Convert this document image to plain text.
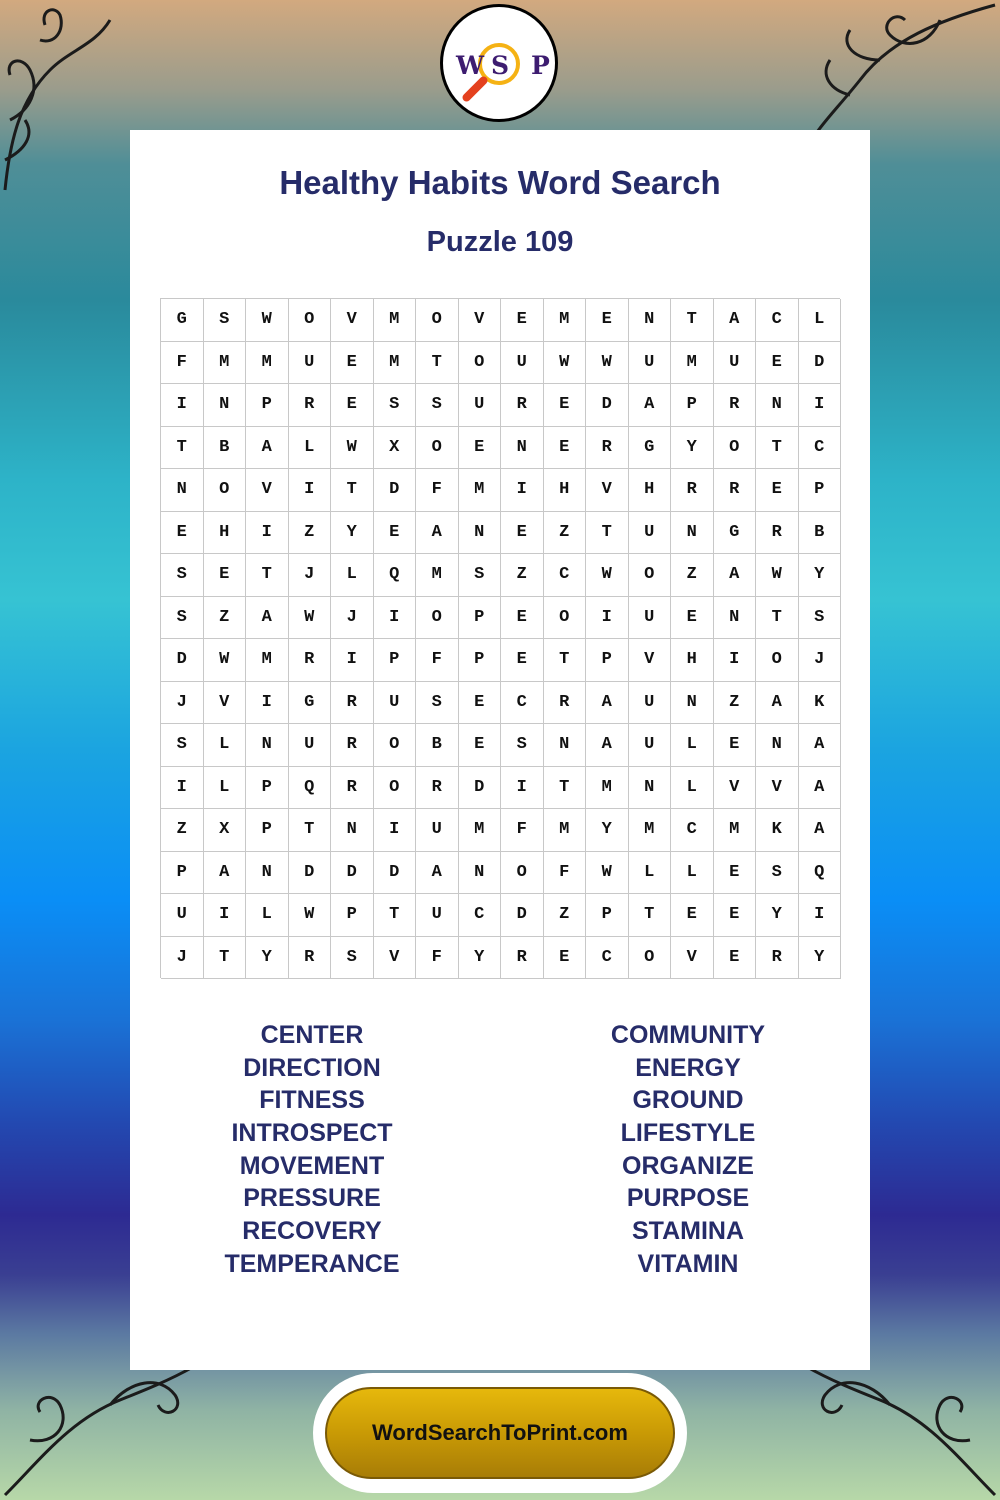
W S P
Healthy Habits Word Search
Puzzle 109
G	S	W	O	V	M	O	V	E	M	E	N	T	A	C	L
F	M	M	U	E	M	T	O	U	W	W	U	M	U	E	D
I	N	P	R	E	S	S	U	R	E	D	A	P	R	N	I
T	B	A	L	W	X	O	E	N	E	R	G	Y	O	T	C
N	O	V	I	T	D	F	M	I	H	V	H	R	R	E	P
E	H	I	Z	Y	E	A	N	E	Z	T	U	N	G	R	B
S	E	T	J	L	Q	M	S	Z	C	W	O	Z	A	W	Y
S	Z	A	W	J	I	O	P	E	O	I	U	E	N	T	S
D	W	M	R	I	P	F	P	E	T	P	V	H	I	O	J
J	V	I	G	R	U	S	E	C	R	A	U	N	Z	A	K
S	L	N	U	R	O	B	E	S	N	A	U	L	E	N	A
I	L	P	Q	R	O	R	D	I	T	M	N	L	V	V	A
Z	X	P	T	N	I	U	M	F	M	Y	M	C	M	K	A
P	A	N	D	D	D	A	N	O	F	W	L	L	E	S	Q
U	I	L	W	P	T	U	C	D	Z	P	T	E	E	Y	I
J	T	Y	R	S	V	F	Y	R	E	C	O	V	E	R	Y
CENTER
DIRECTION
FITNESS
INTROSPECT
MOVEMENT
PRESSURE
RECOVERY
TEMPERANCE
COMMUNITY
ENERGY
GROUND
LIFESTYLE
ORGANIZE
PURPOSE
STAMINA
VITAMIN
WordSearchToPrint.com
